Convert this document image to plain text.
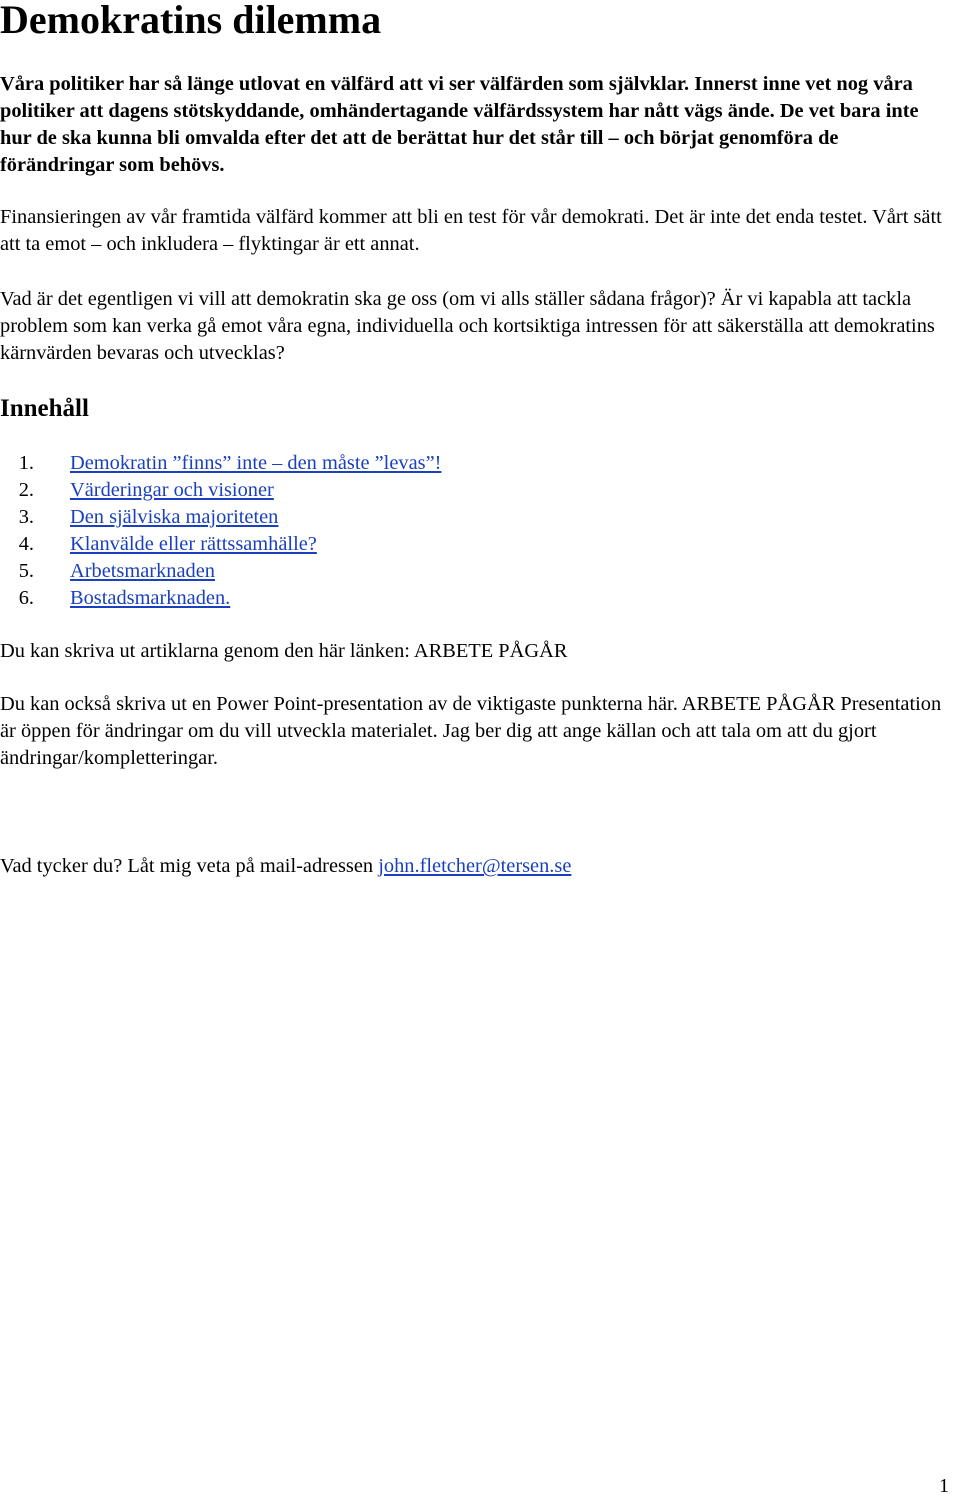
Demokratins dilemma

Våra politiker har så länge utlovat en välfärd att vi ser välfärden som självklar. Innerst inne vet nog våra politiker att dagens stötskyddande, omhändertagande välfärdssystem har nått vägs ände. De vet bara inte hur de ska kunna bli omvalda efter det att de berättat hur det står till – och börjat genomföra de förändringar som behövs.

Finansieringen av vår framtida välfärd kommer att bli en test för vår demokrati. Det är inte det enda testet. Vårt sätt att ta emot – och inkludera – flyktingar är ett annat.

Vad är det egentligen vi vill att demokratin ska ge oss (om vi alls ställer sådana frågor)? Är vi kapabla att tackla problem som kan verka gå emot våra egna, individuella och kortsiktiga intressen för att säkerställa att demokratins kärnvärden bevaras och utvecklas?

Innehåll
1.	Demokratin ”finns” inte – den måste ”levas”!
2.	Värderingar och visioner
3.	Den själviska majoriteten
4.	Klanvälde eller rättssamhälle?
5.	Arbetsmarknaden
6.	Bostadsmarknaden.

Du kan skriva ut artiklarna genom den här länken: ARBETE PÅGÅR

Du kan också skriva ut en Power Point-presentation av de viktigaste punkterna här. ARBETE PÅGÅR Presentation är öppen för ändringar om du vill utveckla materialet. Jag ber dig att ange källan och att tala om att du gjort ändringar/kompletteringar.

Vad tycker du? Låt mig veta på mail-adressen john.fletcher@tersen.se

1
